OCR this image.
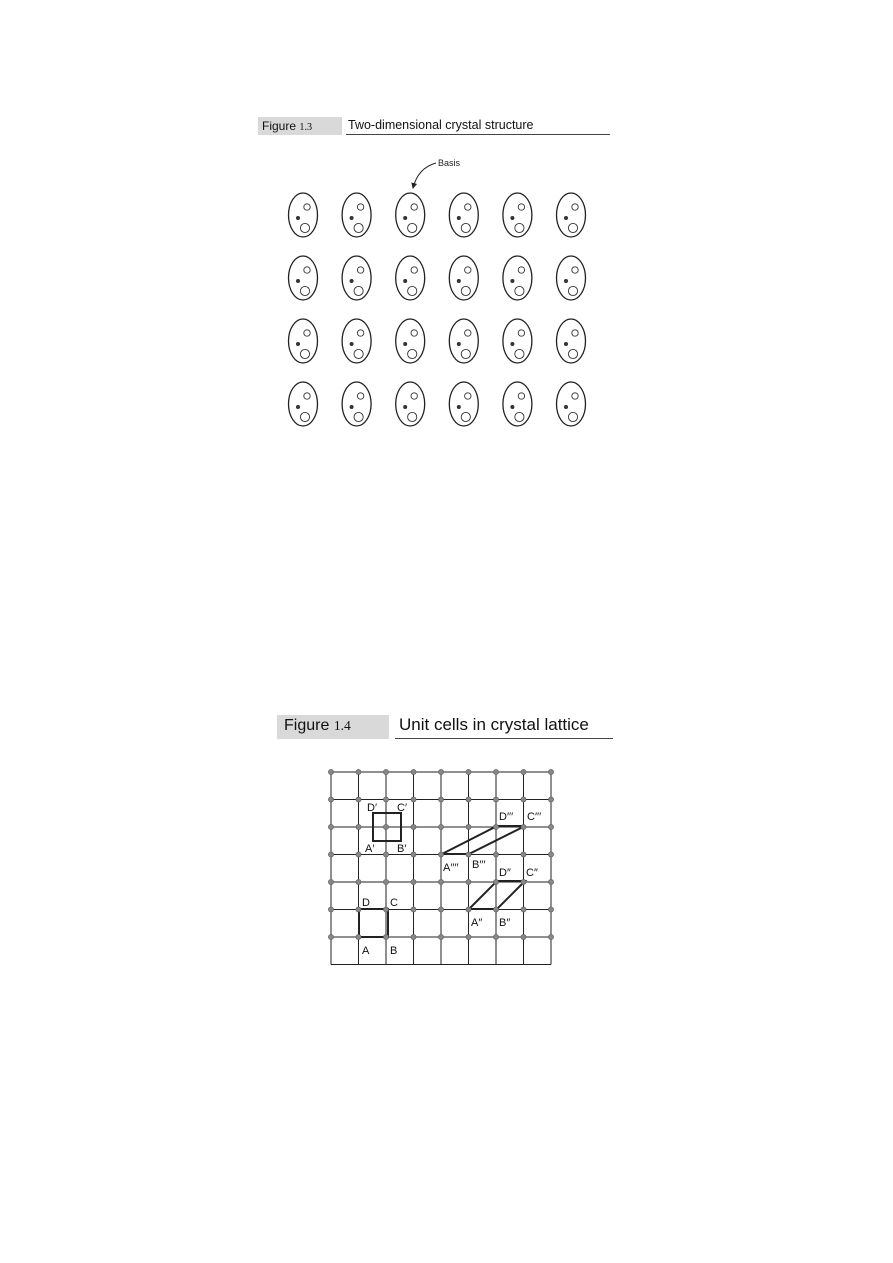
Figure 1.3	Two-dimensional crystal structure
Basis
Figure 1.4	Unit cells in crystal lattice
A B
C
D
A′ B′
C′
D′
A″ B″
C″
D″
A′′′′ B′′′
C′′′
D′′′
